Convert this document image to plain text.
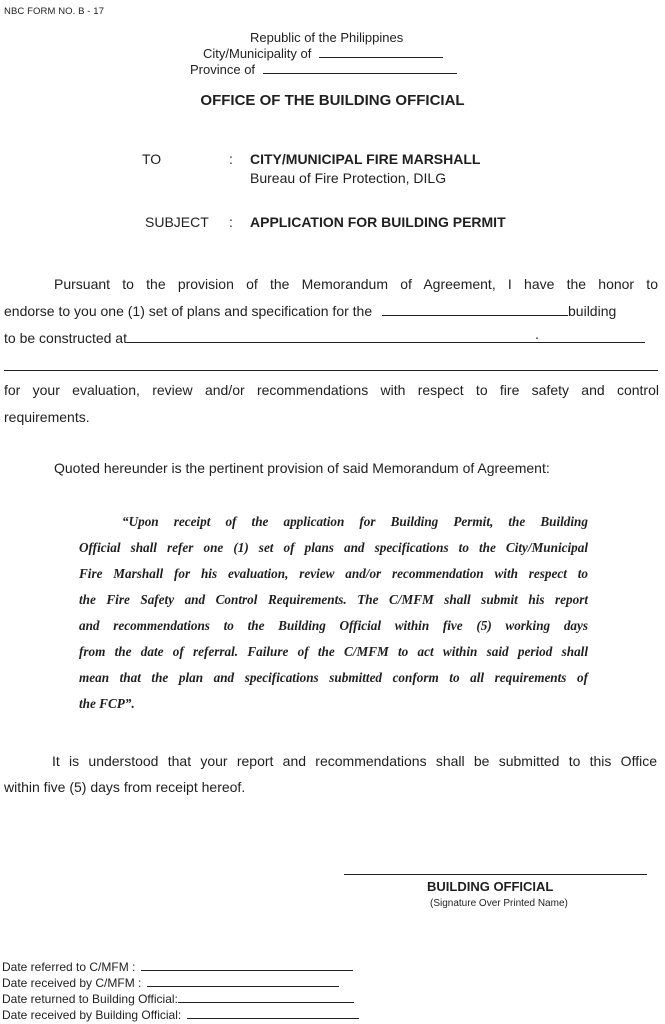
NBC FORM NO. B - 17
Republic of the Philippines
City/Municipality of
Province of
OFFICE OF THE BUILDING OFFICIAL
TO	: CITY/MUNICIPAL FIRE MARSHALL
Bureau of Fire Protection, DILG
SUBJECT : APPLICATION FOR BUILDING PERMIT
Pursuant to the provision of the Memorandum of Agreement, I have the honor to
endorse to you one (1) set of plans and specification for the	building
to be constructed at	.
for your evaluation, review and/or recommendations with respect to fire safety and control
requirements.
Quoted hereunder is the pertinent provision of said Memorandum of Agreement:
“Upon receipt of the application for Building Permit, the Building
Official shall refer one (1) set of plans and specifications to the City/Municipal
Fire Marshall for his evaluation, review and/or recommendation with respect to
the Fire Safety and Control Requirements. The C/MFM shall submit his report
and recommendations to the Building Official within five (5) working days
from the date of referral. Failure of the C/MFM to act within said period shall
mean that the plan and specifications submitted conform to all requirements of
the FCP”.
It is understood that your report and recommendations shall be submitted to this Office
within five (5) days from receipt hereof.
BUILDING OFFICIAL
(Signature Over Printed Name)
Date referred to C/MFM :
Date received by C/MFM :
Date returned to Building Official:
Date received by Building Official:
